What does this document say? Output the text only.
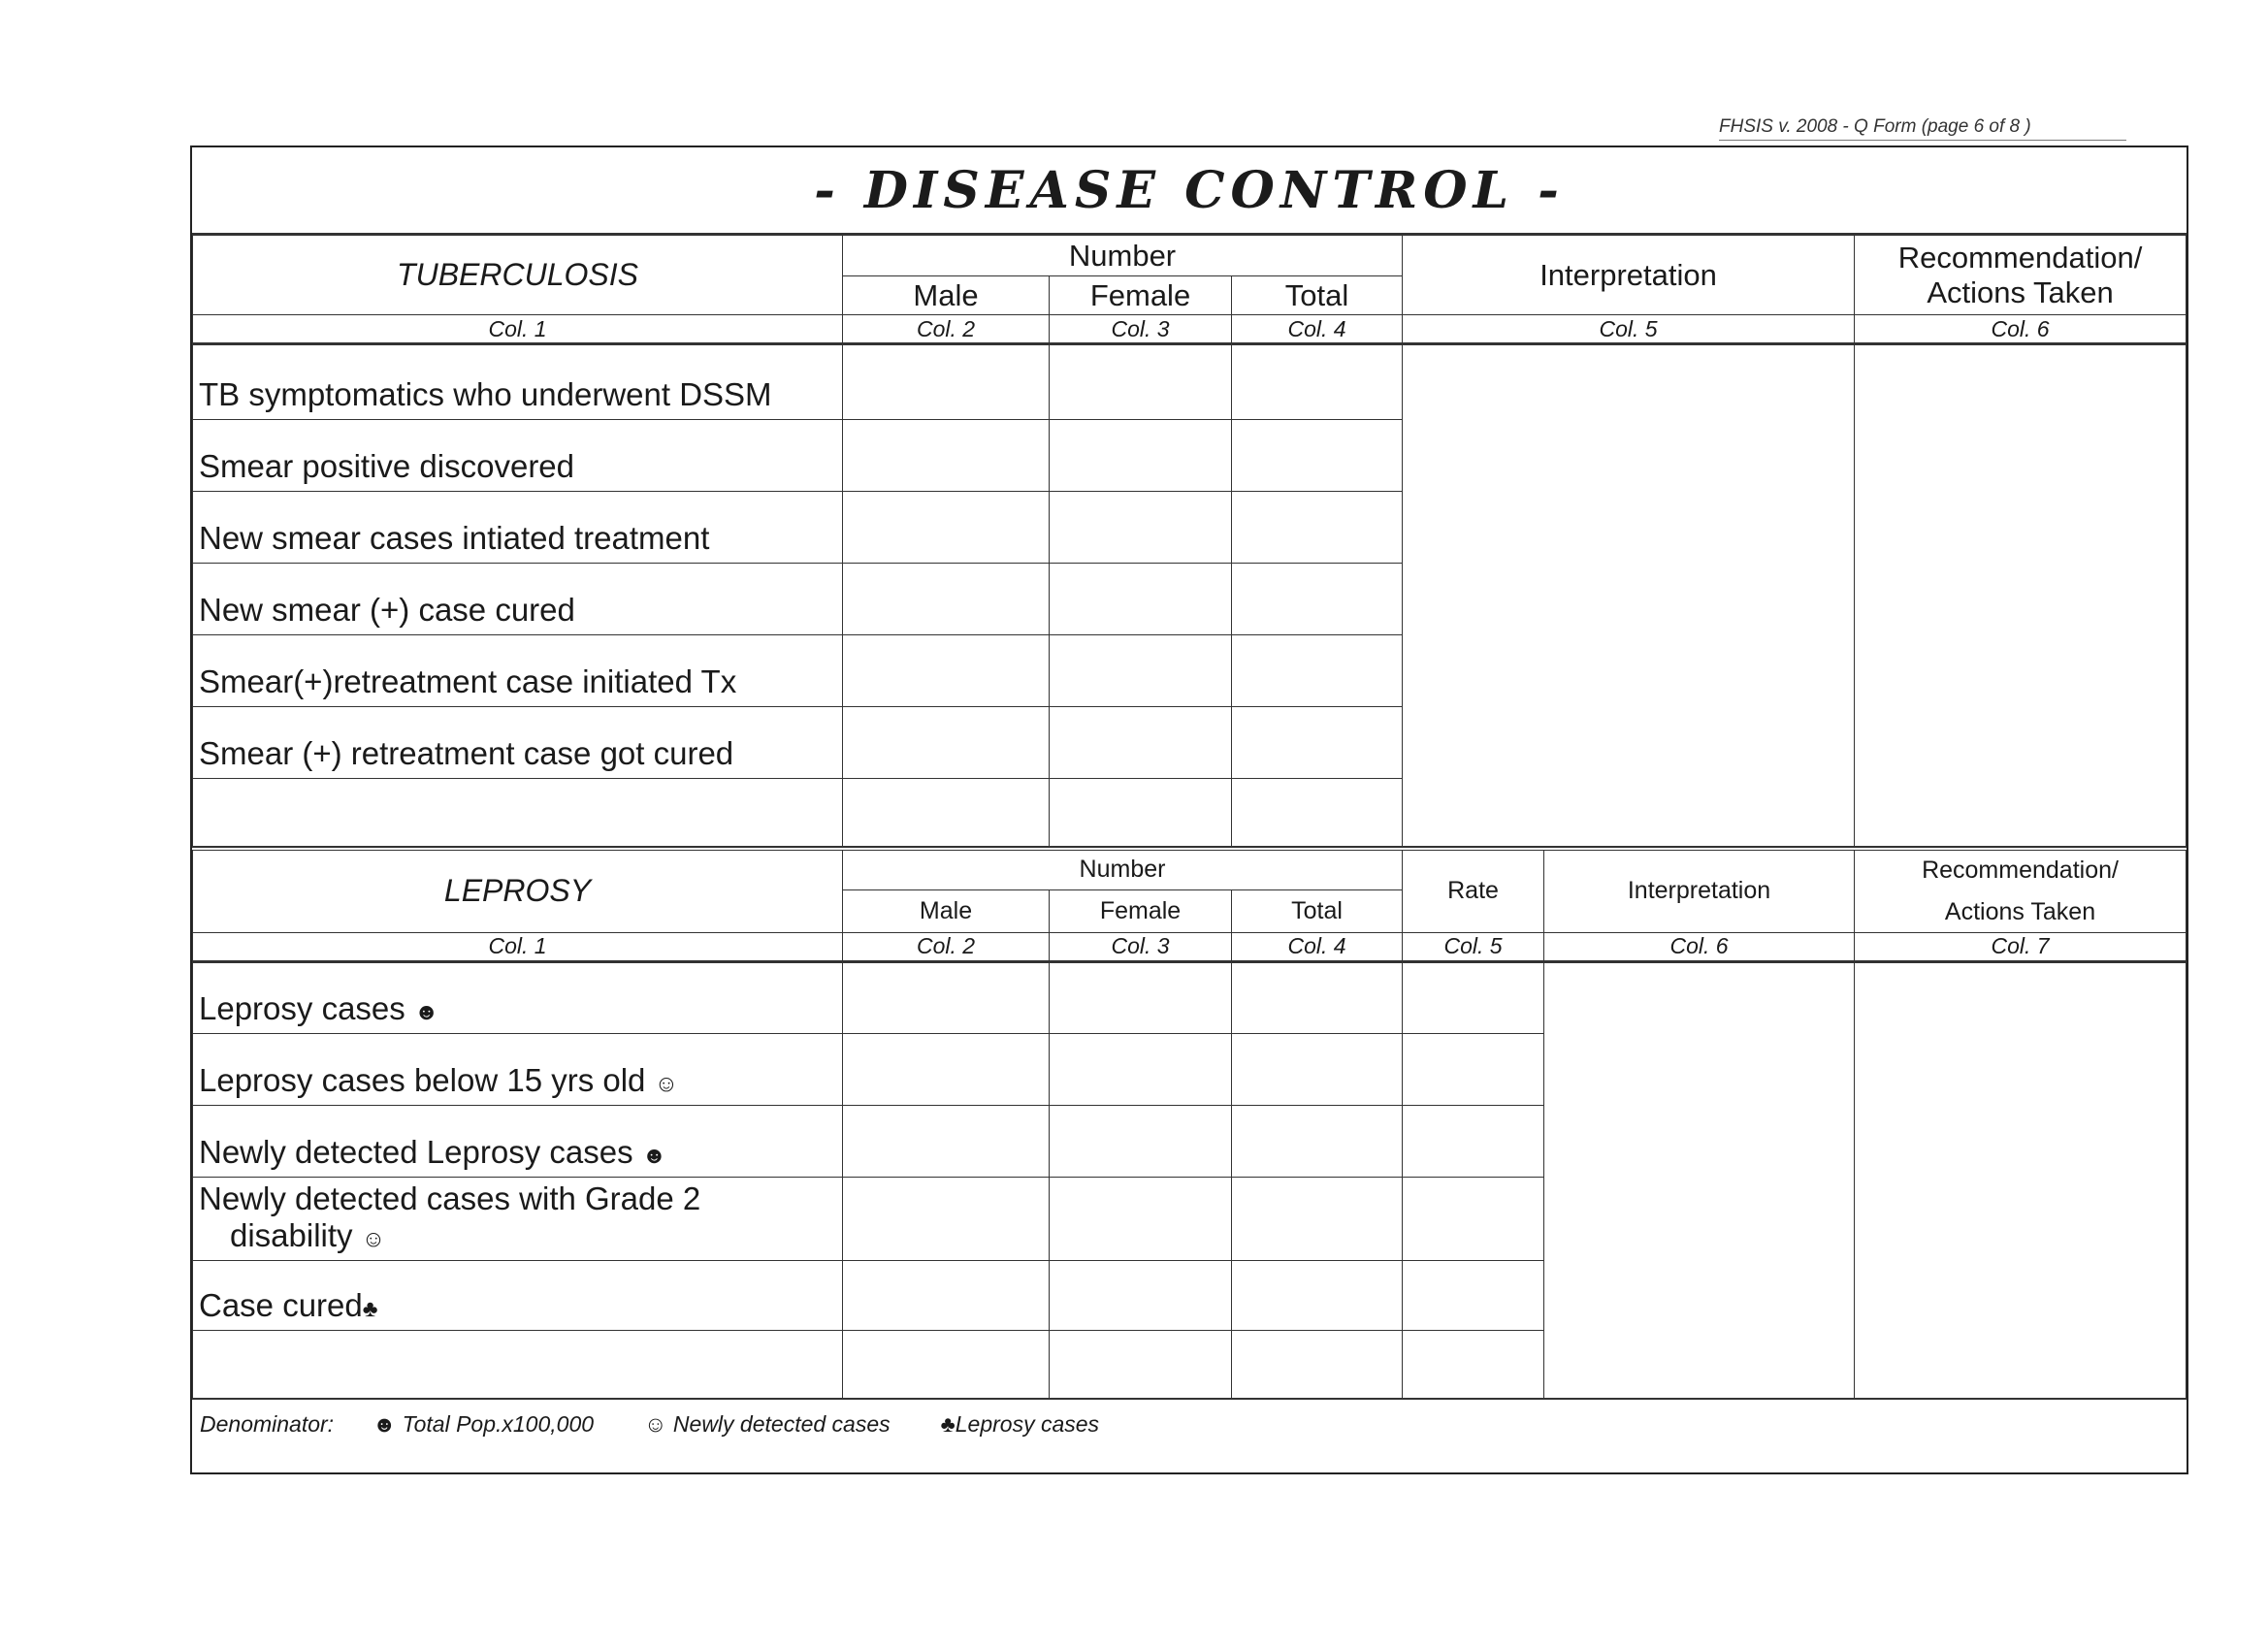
FHSIS v. 2008 - Q Form (page 6 of 8 )
- DISEASE CONTROL -
TUBERCULOSIS	Number			Interpretation	Recommendation/
Actions Taken

	Male	Female	Total		
Col. 1	Col. 2	Col. 3	Col. 4	Col. 5	Col. 6
TB symptomatics who underwent DSSM					
Smear positive discovered					
New smear cases intiated treatment					
New smear (+) case cured					
Smear(+)retreatment case initiated Tx					
Smear (+) retreatment case got cured					

LEPROSY	Number			Rate	Interpretation	Recommendation/
Actions Taken

	Male	Female	Total			
Col. 1	Col. 2	Col. 3	Col. 4	Col. 5	Col. 6	Col. 7
Leprosy cases ☻						
Leprosy cases below 15 yrs old ☺						
Newly detected Leprosy cases ☻						
Newly detected cases with Grade 2
disability ☺						

Case cured♣						

Denominator: ☻ Total Pop.x100,000 ☺ Newly detected cases ♣Leprosy cases
